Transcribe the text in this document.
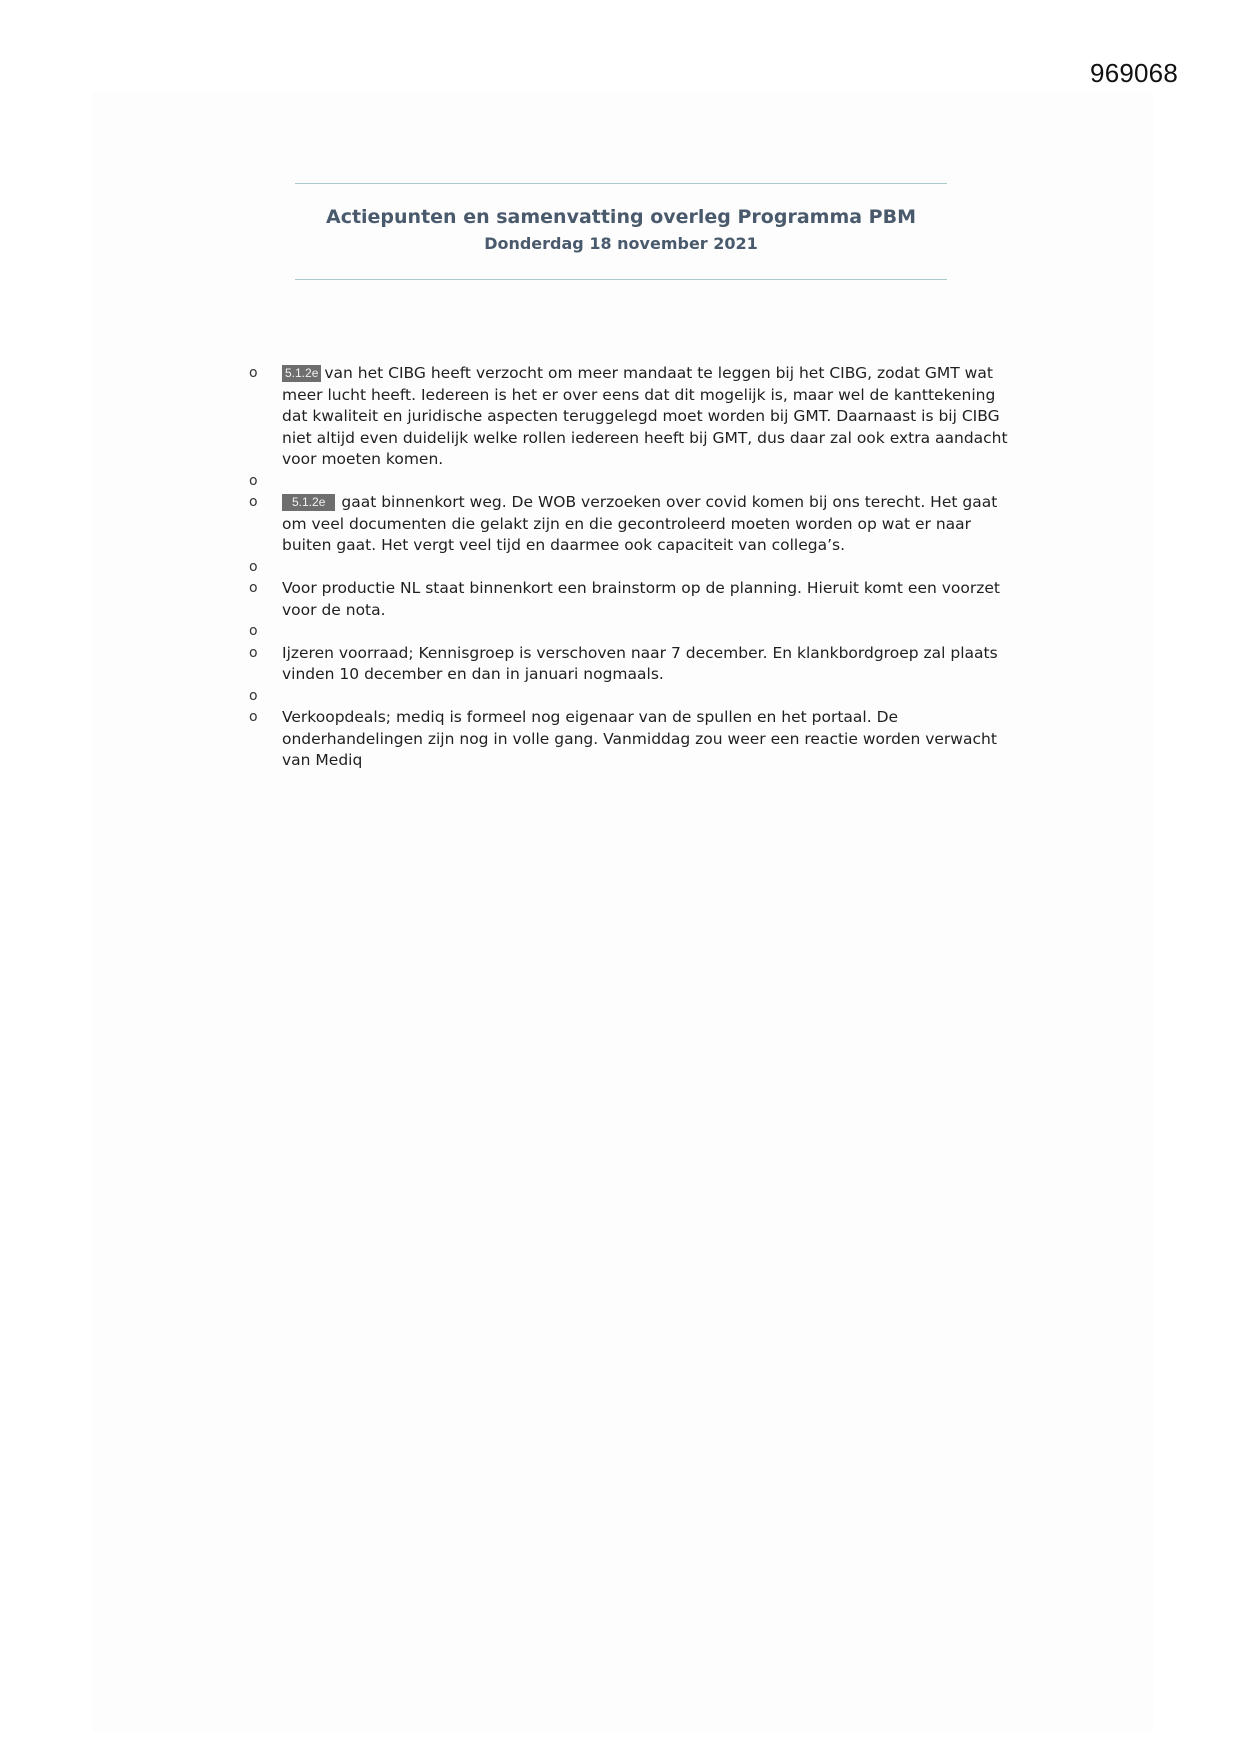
969068
Actiepunten en samenvatting overleg Programma PBM
Donderdag 18 november 2021
o 5.1.2e van het CIBG heeft verzocht om meer mandaat te leggen bij het CIBG, zodat GMT wat meer lucht heeft. Iedereen is het er over eens dat dit mogelijk is, maar wel de kanttekening dat kwaliteit en juridische aspecten teruggelegd moet worden bij GMT. Daarnaast is bij CIBG niet altijd even duidelijk welke rollen iedereen heeft bij GMT, dus daar zal ook extra aandacht voor moeten komen.
o
o	5.1.2e gaat binnenkort weg. De WOB verzoeken over covid komen bij ons terecht. Het gaat om veel documenten die gelakt zijn en die gecontroleerd moeten worden op wat er naar buiten gaat. Het vergt veel tijd en daarmee ook capaciteit van collega’s.
o
o Voor productie NL staat binnenkort een brainstorm op de planning. Hieruit komt een voorzet voor de nota.
o
o Ijzeren voorraad; Kennisgroep is verschoven naar 7 december. En klankbordgroep zal plaats vinden 10 december en dan in januari nogmaals.
o
o Verkoopdeals; mediq is formeel nog eigenaar van de spullen en het portaal. De onderhandelingen zijn nog in volle gang. Vanmiddag zou weer een reactie worden verwacht van Mediq
